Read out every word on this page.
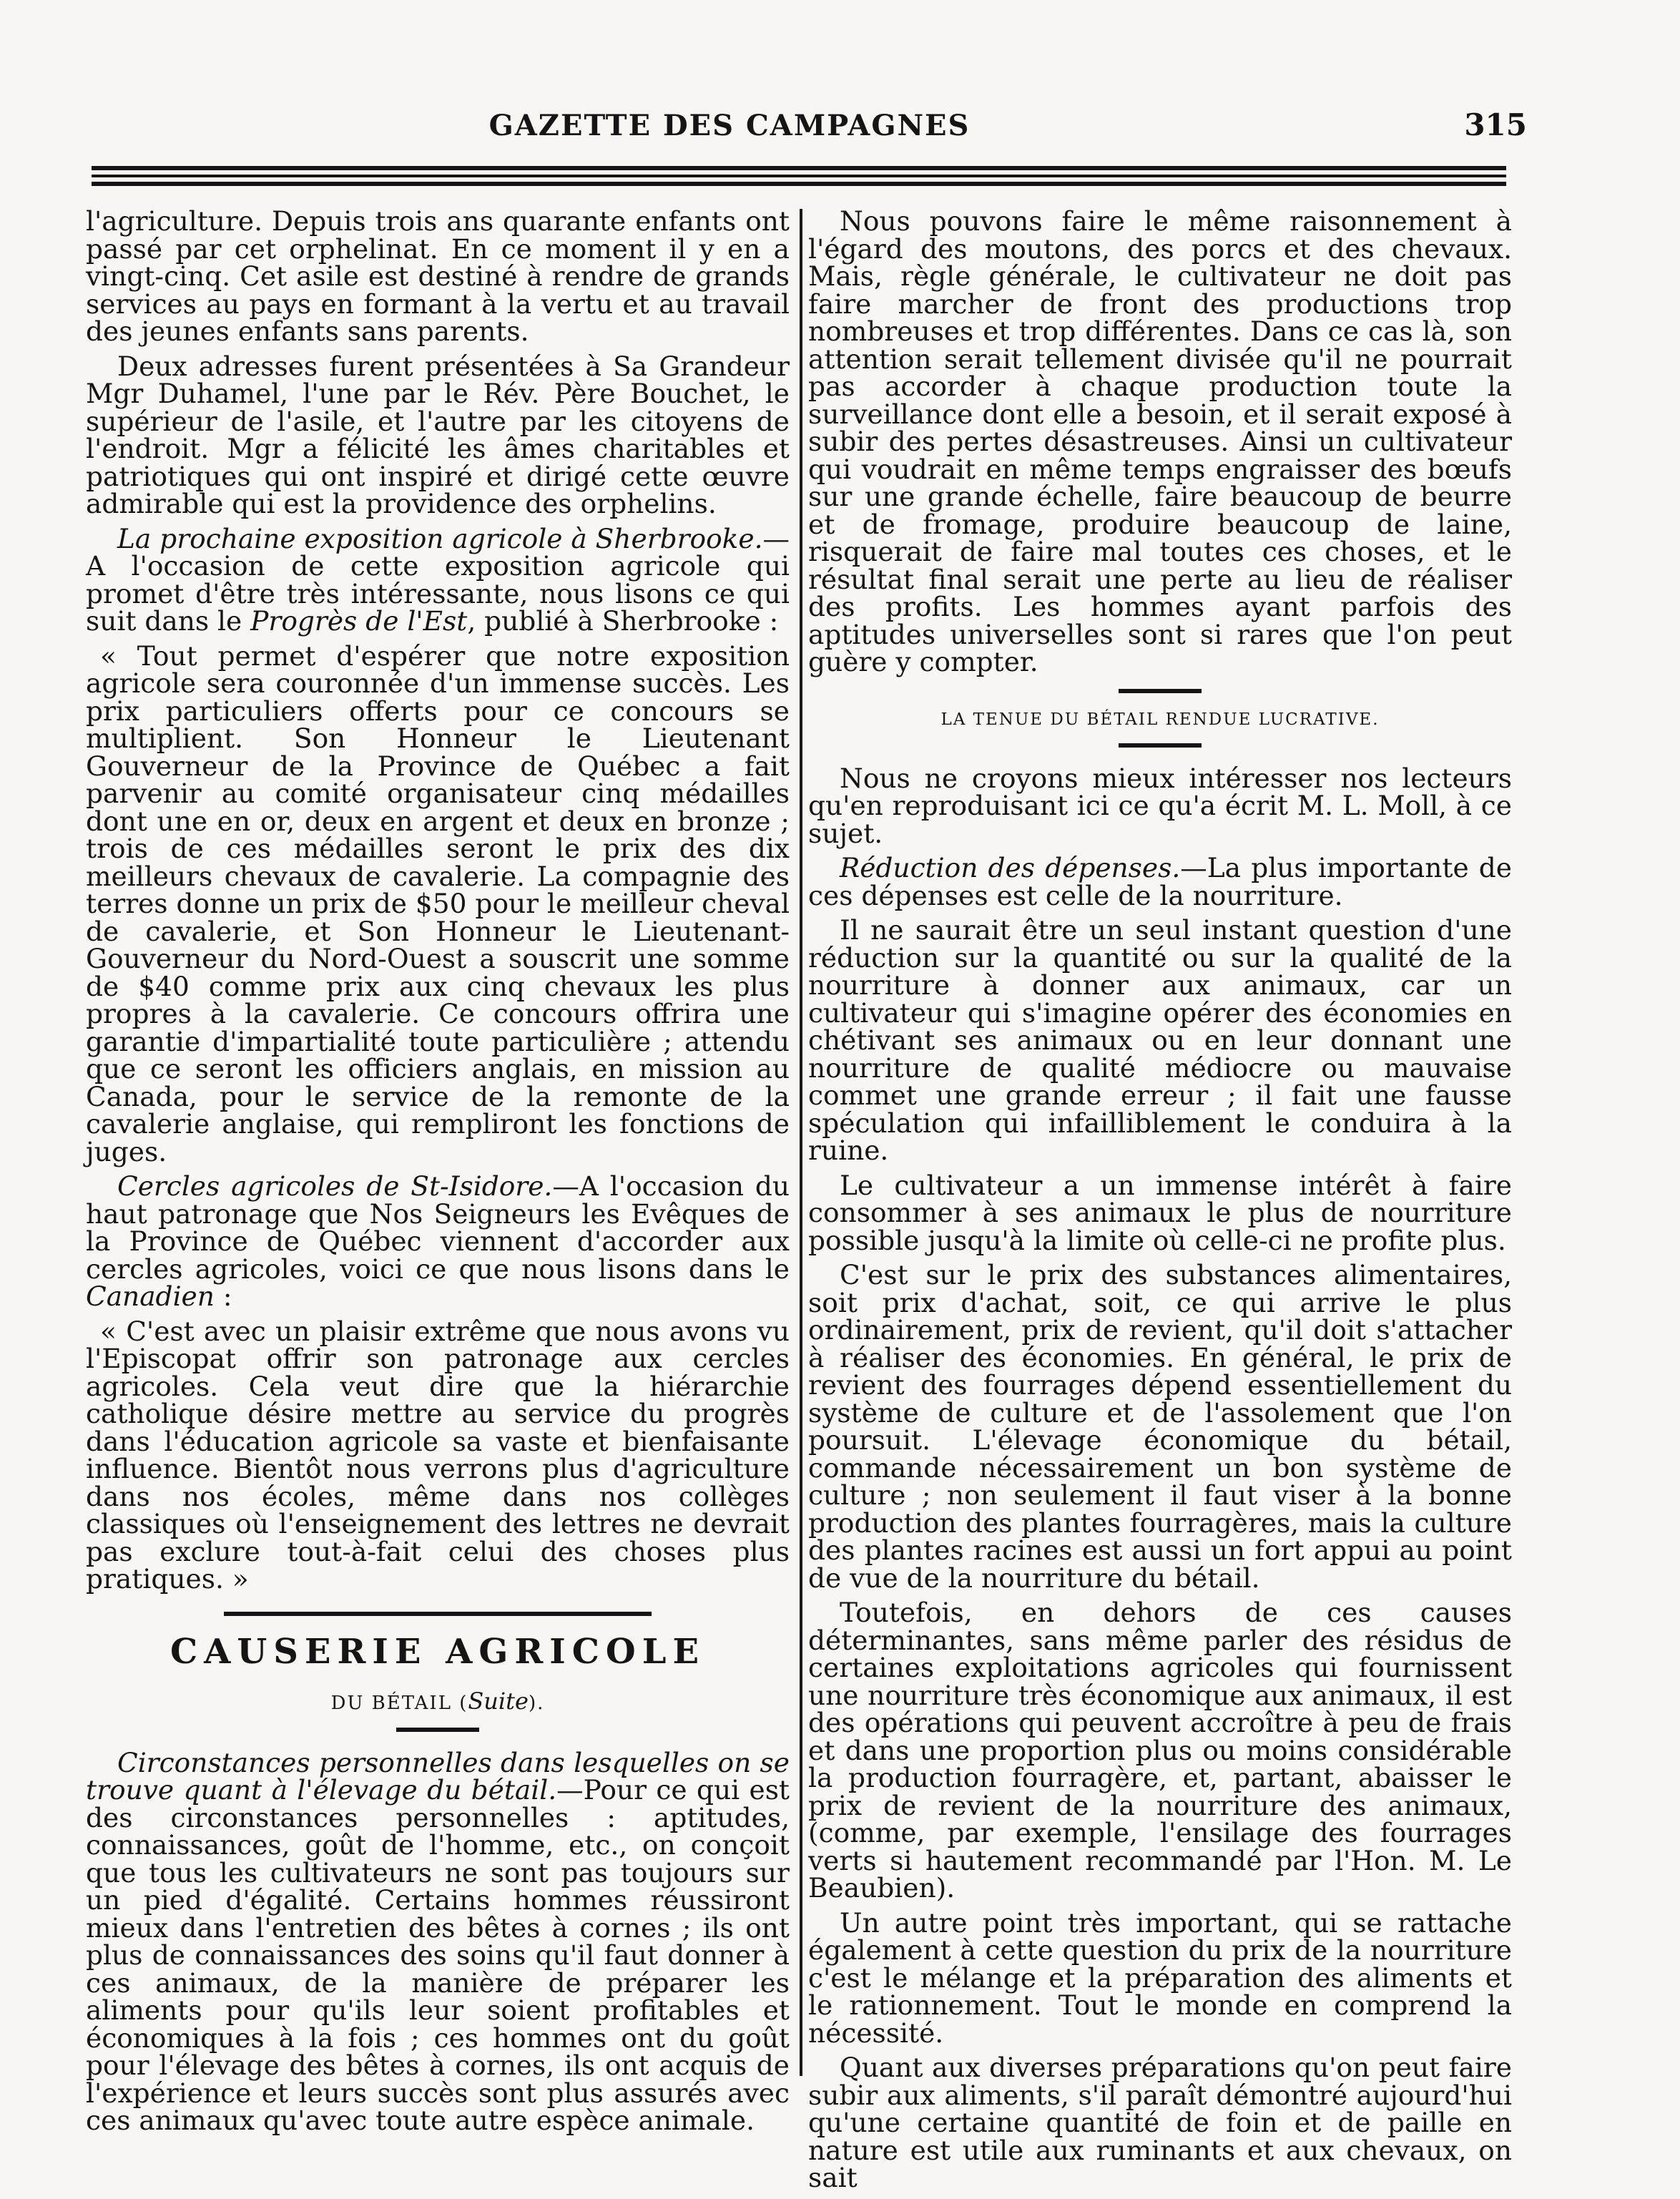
GAZETTE DES CAMPAGNES	315

l'agriculture. Depuis trois ans quarante enfants ont passé par cet orphelinat. En ce moment il y en a vingt-cinq. Cet asile est destiné à rendre de grands services au pays en formant à la vertu et au travail des jeunes enfants sans parents.

Deux adresses furent présentées à Sa Grandeur Mgr Duhamel, l'une par le Rév. Père Bouchet, le supérieur de l'asile, et l'autre par les citoyens de l'endroit. Mgr a félicité les âmes charitables et patriotiques qui ont inspiré et dirigé cette œuvre admirable qui est la providence des orphelins.

La prochaine exposition agricole à Sherbrooke.—A l'occasion de cette exposition agricole qui promet d'être très intéressante, nous lisons ce qui suit dans le Progrès de l'Est, publié à Sherbrooke :

« Tout permet d'espérer que notre exposition agricole sera couronnée d'un immense succès. Les prix particuliers offerts pour ce concours se multiplient. Son Honneur le Lieutenant Gouverneur de la Province de Québec a fait parvenir au comité organisateur cinq médailles dont une en or, deux en argent et deux en bronze ; trois de ces médailles seront le prix des dix meilleurs chevaux de cavalerie. La compagnie des terres donne un prix de $50 pour le meilleur cheval de cavalerie, et Son Honneur le Lieutenant-Gouverneur du Nord-Ouest a souscrit une somme de $40 comme prix aux cinq chevaux les plus propres à la cavalerie. Ce concours offrira une garantie d'impartialité toute particulière ; attendu que ce seront les officiers anglais, en mission au Canada, pour le service de la remonte de la cavalerie anglaise, qui rempliront les fonctions de juges.

Cercles agricoles de St-Isidore.—A l'occasion du haut patronage que Nos Seigneurs les Evêques de la Province de Québec viennent d'accorder aux cercles agricoles, voici ce que nous lisons dans le Canadien :

« C'est avec un plaisir extrême que nous avons vu l'Episcopat offrir son patronage aux cercles agricoles. Cela veut dire que la hiérarchie catholique désire mettre au service du progrès dans l'éducation agricole sa vaste et bienfaisante influence. Bientôt nous verrons plus d'agriculture dans nos écoles, même dans nos collèges classiques où l'enseignement des lettres ne devrait pas exclure tout-à-fait celui des choses plus pratiques. »

CAUSERIE AGRICOLE
DU BÉTAIL (Suite).

Circonstances personnelles dans lesquelles on se trouve quant à l'élevage du bétail.—Pour ce qui est des circonstances personnelles : aptitudes, connaissances, goût de l'homme, etc., on conçoit que tous les cultivateurs ne sont pas toujours sur un pied d'égalité. Certains hommes réussiront mieux dans l'entretien des bêtes à cornes ; ils ont plus de connaissances des soins qu'il faut donner à ces animaux, de la manière de préparer les aliments pour qu'ils leur soient profitables et économiques à la fois ; ces hommes ont du goût pour l'élevage des bêtes à cornes, ils ont acquis de l'expérience et leurs succès sont plus assurés avec ces animaux qu'avec toute autre espèce animale.

Nous pouvons faire le même raisonnement à l'égard des moutons, des porcs et des chevaux. Mais, règle générale, le cultivateur ne doit pas faire marcher de front des productions trop nombreuses et trop différentes. Dans ce cas là, son attention serait tellement divisée qu'il ne pourrait pas accorder à chaque production toute la surveillance dont elle a besoin, et il serait exposé à subir des pertes désastreuses. Ainsi un cultivateur qui voudrait en même temps engraisser des bœufs sur une grande échelle, faire beaucoup de beurre et de fromage, produire beaucoup de laine, risquerait de faire mal toutes ces choses, et le résultat final serait une perte au lieu de réaliser des profits. Les hommes ayant parfois des aptitudes universelles sont si rares que l'on peut guère y compter.

LA TENUE DU BÉTAIL RENDUE LUCRATIVE.

Nous ne croyons mieux intéresser nos lecteurs qu'en reproduisant ici ce qu'a écrit M. L. Moll, à ce sujet.

Réduction des dépenses.—La plus importante de ces dépenses est celle de la nourriture.

Il ne saurait être un seul instant question d'une réduction sur la quantité ou sur la qualité de la nourriture à donner aux animaux, car un cultivateur qui s'imagine opérer des économies en chétivant ses animaux ou en leur donnant une nourriture de qualité médiocre ou mauvaise commet une grande erreur ; il fait une fausse spéculation qui infailliblement le conduira à la ruine.

Le cultivateur a un immense intérêt à faire consommer à ses animaux le plus de nourriture possible jusqu'à la limite où celle-ci ne profite plus.

C'est sur le prix des substances alimentaires, soit prix d'achat, soit, ce qui arrive le plus ordinairement, prix de revient, qu'il doit s'attacher à réaliser des économies. En général, le prix de revient des fourrages dépend essentiellement du système de culture et de l'assolement que l'on poursuit. L'élevage économique du bétail, commande nécessairement un bon système de culture ; non seulement il faut viser à la bonne production des plantes fourragères, mais la culture des plantes racines est aussi un fort appui au point de vue de la nourriture du bétail.

Toutefois, en dehors de ces causes déterminantes, sans même parler des résidus de certaines exploitations agricoles qui fournissent une nourriture très économique aux animaux, il est des opérations qui peuvent accroître à peu de frais et dans une proportion plus ou moins considérable la production fourragère, et, partant, abaisser le prix de revient de la nourriture des animaux, (comme, par exemple, l'ensilage des fourrages verts si hautement recommandé par l'Hon. M. Le Beaubien).

Un autre point très important, qui se rattache également à cette question du prix de la nourriture c'est le mélange et la préparation des aliments et le rationnement. Tout le monde en comprend la nécessité.

Quant aux diverses préparations qu'on peut faire subir aux aliments, s'il paraît démontré aujourd'hui qu'une certaine quantité de foin et de paille en nature est utile aux ruminants et aux chevaux, on sait
